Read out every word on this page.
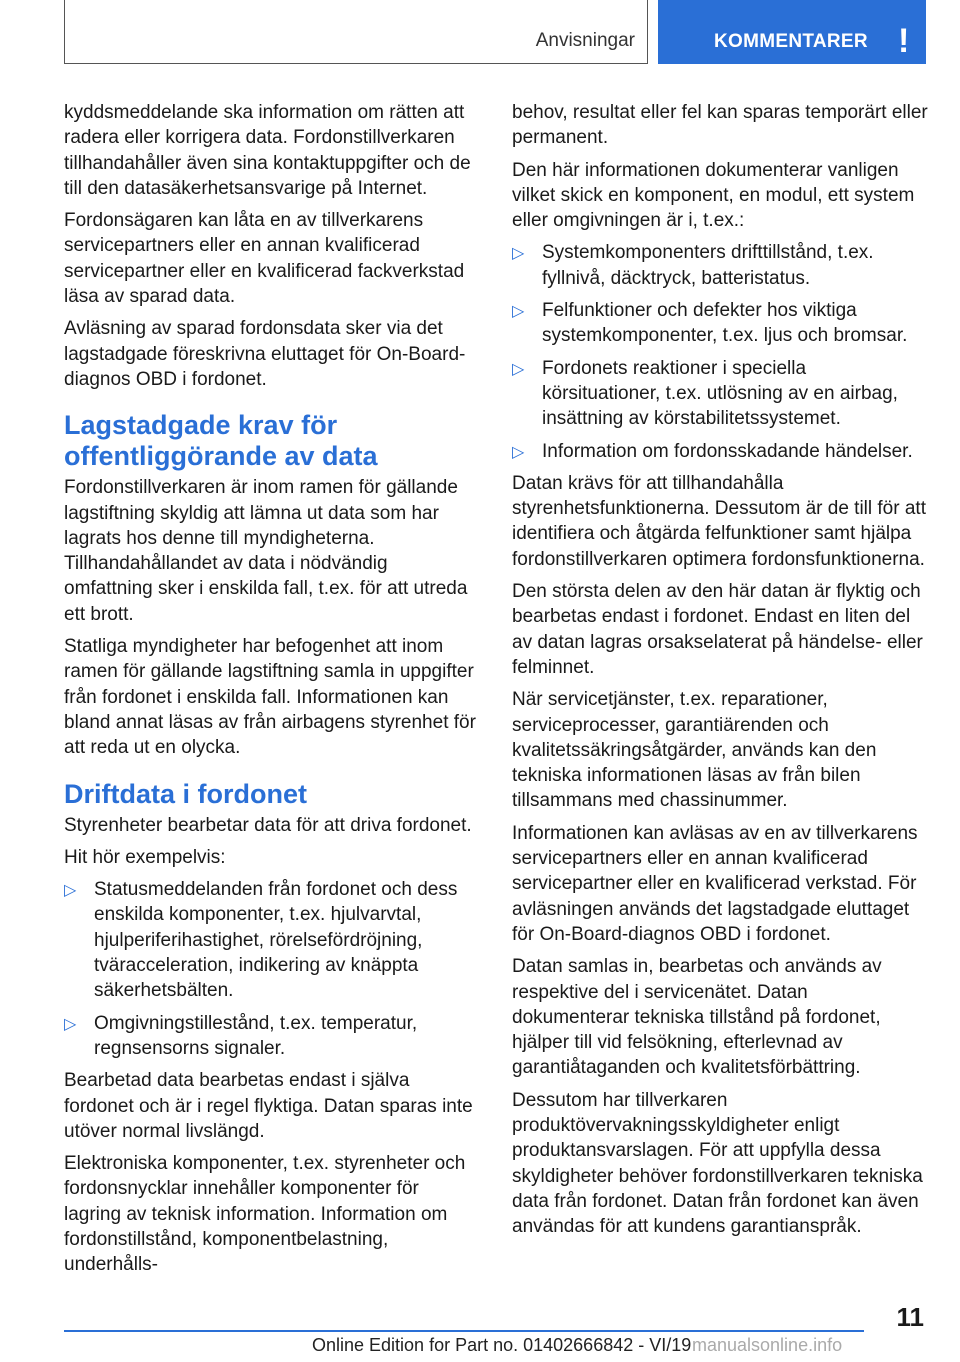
Anvisningar	KOMMENTARER !

kyddsmeddelande ska information om rätten att radera eller korrigera data. Fordonstillverkaren tillhandahåller även sina kontaktuppgifter och de till den datasäkerhetsansvarige på Internet.

Fordonsägaren kan låta en av tillverkarens servicepartners eller en annan kvalificerad servicepartner eller en kvalificerad fackverkstad läsa av sparad data.

Avläsning av sparad fordonsdata sker via det lagstadgade föreskrivna eluttaget för On-Board-diagnos OBD i fordonet.

Lagstadgade krav för offentliggörande av data

Fordonstillverkaren är inom ramen för gällande lagstiftning skyldig att lämna ut data som har lagrats hos denne till myndigheterna. Tillhandahållandet av data i nödvändig omfattning sker i enskilda fall, t.ex. för att utreda ett brott.

Statliga myndigheter har befogenhet att inom ramen för gällande lagstiftning samla in uppgifter från fordonet i enskilda fall. Informationen kan bland annat läsas av från airbagens styrenhet för att reda ut en olycka.

Driftdata i fordonet

Styrenheter bearbetar data för att driva fordonet.

Hit hör exempelvis:

▷ Statusmeddelanden från fordonet och dess enskilda komponenter, t.ex. hjulvarvtal, hjulperiferihastighet, rörelsefördröjning, tväracceleration, indikering av knäppta säkerhetsbälten.
▷ Omgivningstillestånd, t.ex. temperatur, regnsensorns signaler.

Bearbetad data bearbetas endast i själva fordonet och är i regel flyktiga. Datan sparas inte utöver normal livslängd.

Elektroniska komponenter, t.ex. styrenheter och fordonsnycklar innehåller komponenter för lagring av teknisk information. Information om fordonstillstånd, komponentbelastning, underhålls-

behov, resultat eller fel kan sparas temporärt eller permanent.

Den här informationen dokumenterar vanligen vilket skick en komponent, en modul, ett system eller omgivningen är i, t.ex.:

▷ Systemkomponenters drifttillstånd, t.ex. fyllnivå, däcktryck, batteristatus.
▷ Felfunktioner och defekter hos viktiga systemkomponenter, t.ex. ljus och bromsar.
▷ Fordonets reaktioner i speciella körsituationer, t.ex. utlösning av en airbag, insättning av körstabilitetssystemet.
▷ Information om fordonsskadande händelser.

Datan krävs för att tillhandahålla styrenhetsfunktionerna. Dessutom är de till för att identifiera och åtgärda felfunktioner samt hjälpa fordonstillverkaren optimera fordonsfunktionerna.

Den största delen av den här datan är flyktig och bearbetas endast i fordonet. Endast en liten del av datan lagras orsakselaterat på händelse- eller felminnet.

När servicetjänster, t.ex. reparationer, serviceprocesser, garantiärenden och kvalitetssäkringsåtgärder, används kan den tekniska informationen läsas av från bilen tillsammans med chassinummer.

Informationen kan avläsas av en av tillverkarens servicepartners eller en annan kvalificerad servicepartner eller en kvalificerad verkstad. För avläsningen används det lagstadgade eluttaget för On-Board-diagnos OBD i fordonet.

Datan samlas in, bearbetas och används av respektive del i servicenätet. Datan dokumenterar tekniska tillstånd på fordonet, hjälper till vid felsökning, efterlevnad av garantiåtaganden och kvalitetsförbättring.

Dessutom har tillverkaren produktövervakningsskyldigheter enligt produktansvarslagen. För att uppfylla dessa skyldigheter behöver fordonstillverkaren tekniska data från fordonet. Datan från fordonet kan även användas för att kundens garantianspråk.

11
Online Edition for Part no. 01402666842 - VI/19 manualsonline.info
